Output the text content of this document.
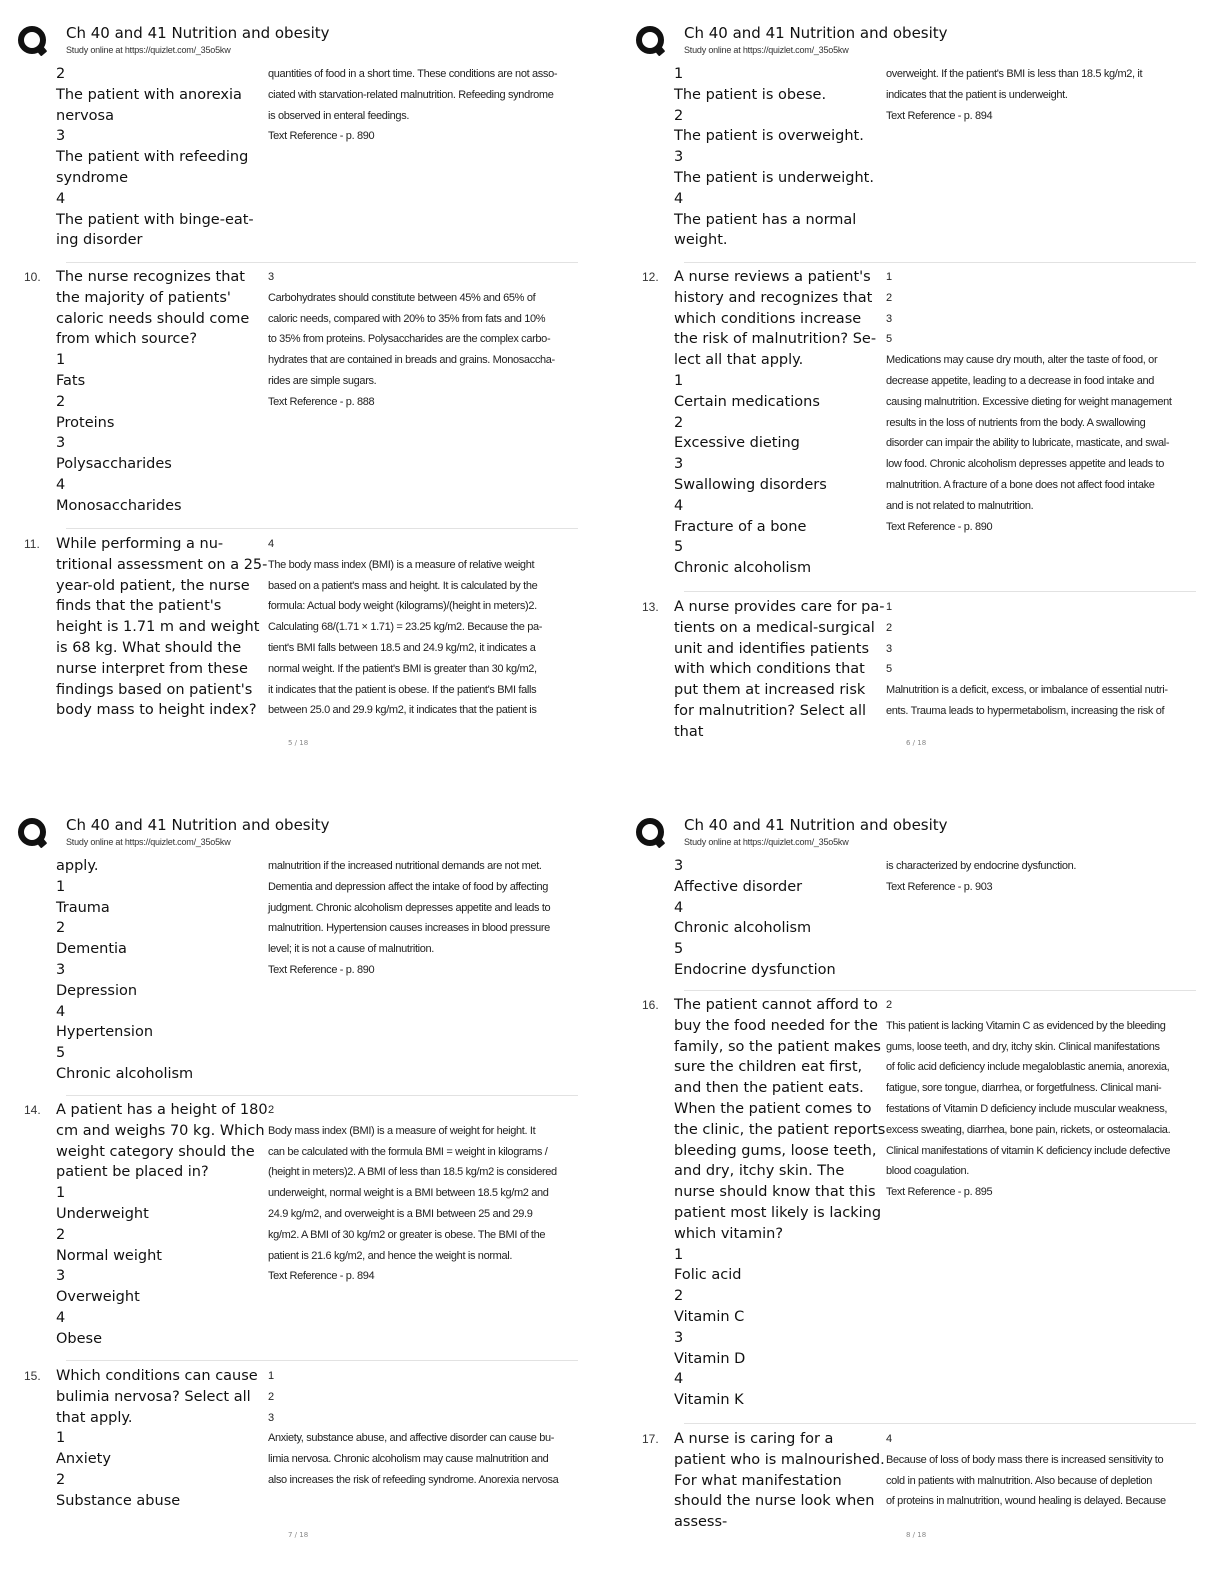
Ch 40 and 41 Nutrition and obesity
Study online at https://quizlet.com/_35o5kw
2
The patient with anorexia nervosa
3
The patient with refeeding syndrome
4
The patient with binge-eat-ing disorder
quantities of food in a short time. These conditions are not asso-
ciated with starvation-related malnutrition. Refeeding syndrome
is observed in enteral feedings.
Text Reference - p. 890
10. The nurse recognizes that the majority of patients' caloric needs should come from which source?
1
Fats
2
Proteins
3
Polysaccharides
4
Monosaccharides
3
Carbohydrates should constitute between 45% and 65% of
caloric needs, compared with 20% to 35% from fats and 10%
to 35% from proteins. Polysaccharides are the complex carbo-
hydrates that are contained in breads and grains. Monosaccha-
rides are simple sugars.
Text Reference - p. 888
11. While performing a nu-tritional assessment on a 25-year-old patient, the nurse finds that the patient's height is 1.71 m and weight is 68 kg. What should the nurse interpret from these findings based on patient's body mass to height index?
4
The body mass index (BMI) is a measure of relative weight
based on a patient's mass and height. It is calculated by the
formula: Actual body weight (kilograms)/(height in meters)2.
Calculating 68/(1.71 × 1.71) = 23.25 kg/m2. Because the pa-
tient's BMI falls between 18.5 and 24.9 kg/m2, it indicates a
normal weight. If the patient's BMI is greater than 30 kg/m2,
it indicates that the patient is obese. If the patient's BMI falls
between 25.0 and 29.9 kg/m2, it indicates that the patient is
5 / 18
Ch 40 and 41 Nutrition and obesity
Study online at https://quizlet.com/_35o5kw
1
The patient is obese.
2
The patient is overweight.
3
The patient is underweight.
4
The patient has a normal weight.
overweight. If the patient's BMI is less than 18.5 kg/m2, it
indicates that the patient is underweight.
Text Reference - p. 894
12. A nurse reviews a patient's history and recognizes that which conditions increase the risk of malnutrition? Se-lect all that apply.
1
Certain medications
2
Excessive dieting
3
Swallowing disorders
4
Fracture of a bone
5
Chronic alcoholism
1
2
3
5
Medications may cause dry mouth, alter the taste of food, or
decrease appetite, leading to a decrease in food intake and
causing malnutrition. Excessive dieting for weight management
results in the loss of nutrients from the body. A swallowing
disorder can impair the ability to lubricate, masticate, and swal-
low food. Chronic alcoholism depresses appetite and leads to
malnutrition. A fracture of a bone does not affect food intake
and is not related to malnutrition.
Text Reference - p. 890
13. A nurse provides care for pa-tients on a medical-surgical unit and identifies patients with which conditions that put them at increased risk for malnutrition? Select all that
1
2
3
5
Malnutrition is a deficit, excess, or imbalance of essential nutri-
ents. Trauma leads to hypermetabolism, increasing the risk of
6 / 18
Ch 40 and 41 Nutrition and obesity
Study online at https://quizlet.com/_35o5kw
apply.
1
Trauma
2
Dementia
3
Depression
4
Hypertension
5
Chronic alcoholism
malnutrition if the increased nutritional demands are not met.
Dementia and depression affect the intake of food by affecting
judgment. Chronic alcoholism depresses appetite and leads to
malnutrition. Hypertension causes increases in blood pressure
level; it is not a cause of malnutrition.
Text Reference - p. 890
14. A patient has a height of 180 cm and weighs 70 kg. Which weight category should the patient be placed in?
1
Underweight
2
Normal weight
3
Overweight
4
Obese
2
Body mass index (BMI) is a measure of weight for height. It
can be calculated with the formula BMI = weight in kilograms /
(height in meters)2. A BMI of less than 18.5 kg/m2 is considered
underweight, normal weight is a BMI between 18.5 kg/m2 and
24.9 kg/m2, and overweight is a BMI between 25 and 29.9
kg/m2. A BMI of 30 kg/m2 or greater is obese. The BMI of the
patient is 21.6 kg/m2, and hence the weight is normal.
Text Reference - p. 894
15. Which conditions can cause bulimia nervosa? Select all that apply.
1
Anxiety
2
Substance abuse
1
2
3
Anxiety, substance abuse, and affective disorder can cause bu-
limia nervosa. Chronic alcoholism may cause malnutrition and
also increases the risk of refeeding syndrome. Anorexia nervosa
7 / 18
Ch 40 and 41 Nutrition and obesity
Study online at https://quizlet.com/_35o5kw
3
Affective disorder
4
Chronic alcoholism
5
Endocrine dysfunction
is characterized by endocrine dysfunction.
Text Reference - p. 903
16. The patient cannot afford to buy the food needed for the family, so the patient makes sure the children eat first, and then the patient eats. When the patient comes to the clinic, the patient reports bleeding gums, loose teeth, and dry, itchy skin. The nurse should know that this patient most likely is lacking which vitamin?
1
Folic acid
2
Vitamin C
3
Vitamin D
4
Vitamin K
2
This patient is lacking Vitamin C as evidenced by the bleeding
gums, loose teeth, and dry, itchy skin. Clinical manifestations
of folic acid deficiency include megaloblastic anemia, anorexia,
fatigue, sore tongue, diarrhea, or forgetfulness. Clinical mani-
festations of Vitamin D deficiency include muscular weakness,
excess sweating, diarrhea, bone pain, rickets, or osteomalacia.
Clinical manifestations of vitamin K deficiency include defective
blood coagulation.
Text Reference - p. 895
17. A nurse is caring for a patient who is malnourished. For what manifestation should the nurse look when assess-
4
Because of loss of body mass there is increased sensitivity to
cold in patients with malnutrition. Also because of depletion
of proteins in malnutrition, wound healing is delayed. Because
8 / 18
